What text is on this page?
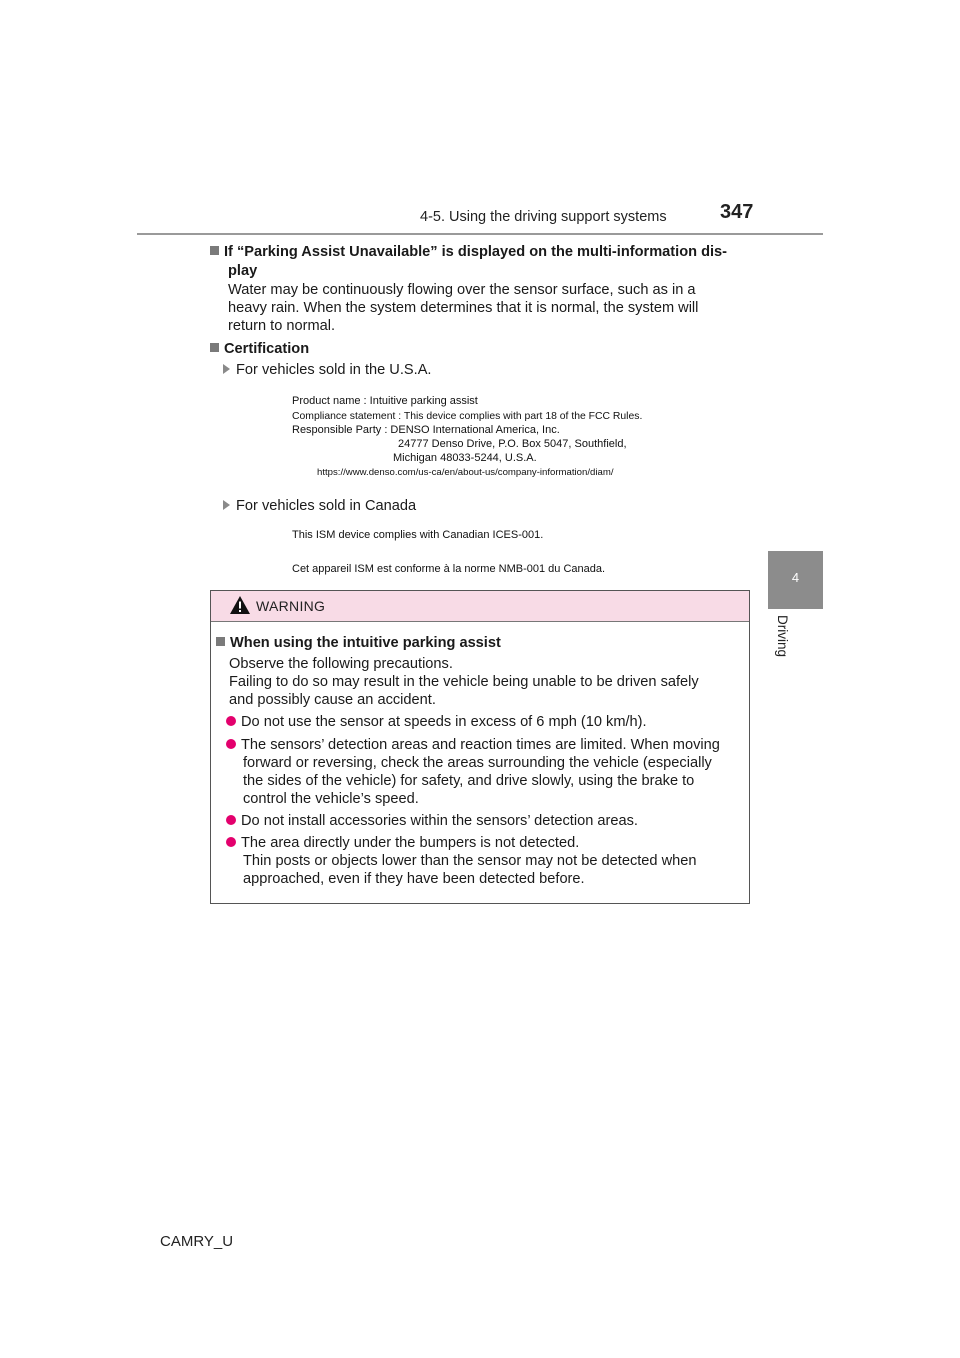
4-5. Using the driving support systems	347
4
Driving
If “Parking Assist Unavailable” is displayed on the multi-information dis-
play
Water may be continuously flowing over the sensor surface, such as in a
heavy rain. When the system determines that it is normal, the system will
return to normal.
Certification
For vehicles sold in the U.S.A.
Product name : Intuitive parking assist
Compliance statement : This device complies with part 18 of the FCC Rules.
Responsible Party : DENSO International America, Inc.
24777 Denso Drive, P.O. Box 5047, Southfield,
Michigan 48033-5244, U.S.A.
https://www.denso.com/us-ca/en/about-us/company-information/diam/
For vehicles sold in Canada
This ISM device complies with Canadian ICES-001.
Cet appareil ISM est conforme à la norme NMB-001 du Canada.
WARNING
When using the intuitive parking assist
Observe the following precautions.
Failing to do so may result in the vehicle being unable to be driven safely
and possibly cause an accident.
Do not use the sensor at speeds in excess of 6 mph (10 km/h).
The sensors’ detection areas and reaction times are limited. When moving
forward or reversing, check the areas surrounding the vehicle (especially
the sides of the vehicle) for safety, and drive slowly, using the brake to
control the vehicle’s speed.
Do not install accessories within the sensors’ detection areas.
The area directly under the bumpers is not detected.
Thin posts or objects lower than the sensor may not be detected when
approached, even if they have been detected before.
CAMRY_U
